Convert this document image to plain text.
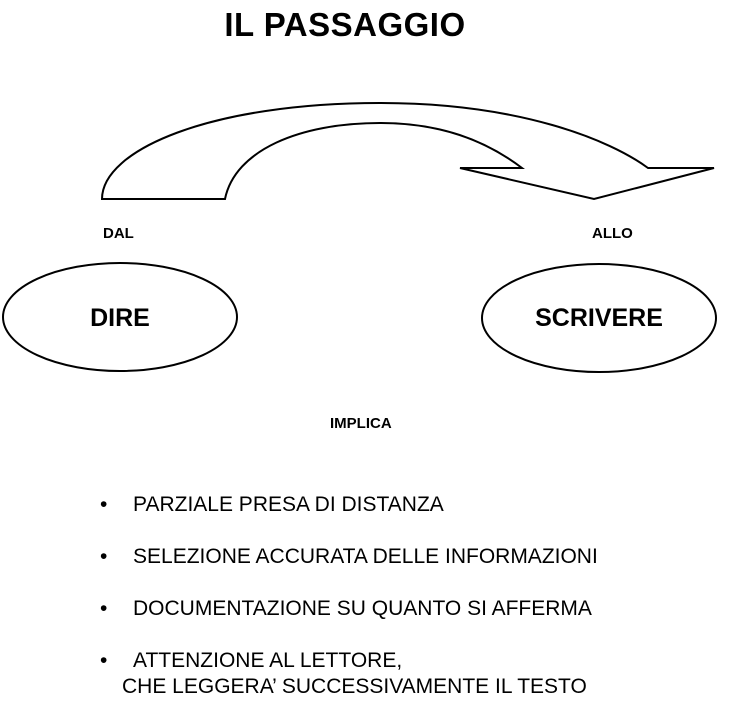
IL PASSAGGIO
DIRE	SCRIVERE
DAL	ALLO
IMPLICA
• PARZIALE PRESA DI DISTANZA
• SELEZIONE ACCURATA DELLE INFORMAZIONI
• DOCUMENTAZIONE SU QUANTO SI AFFERMA
• ATTENZIONE AL LETTORE,
CHE LEGGERA’ SUCCESSIVAMENTE IL TESTO
